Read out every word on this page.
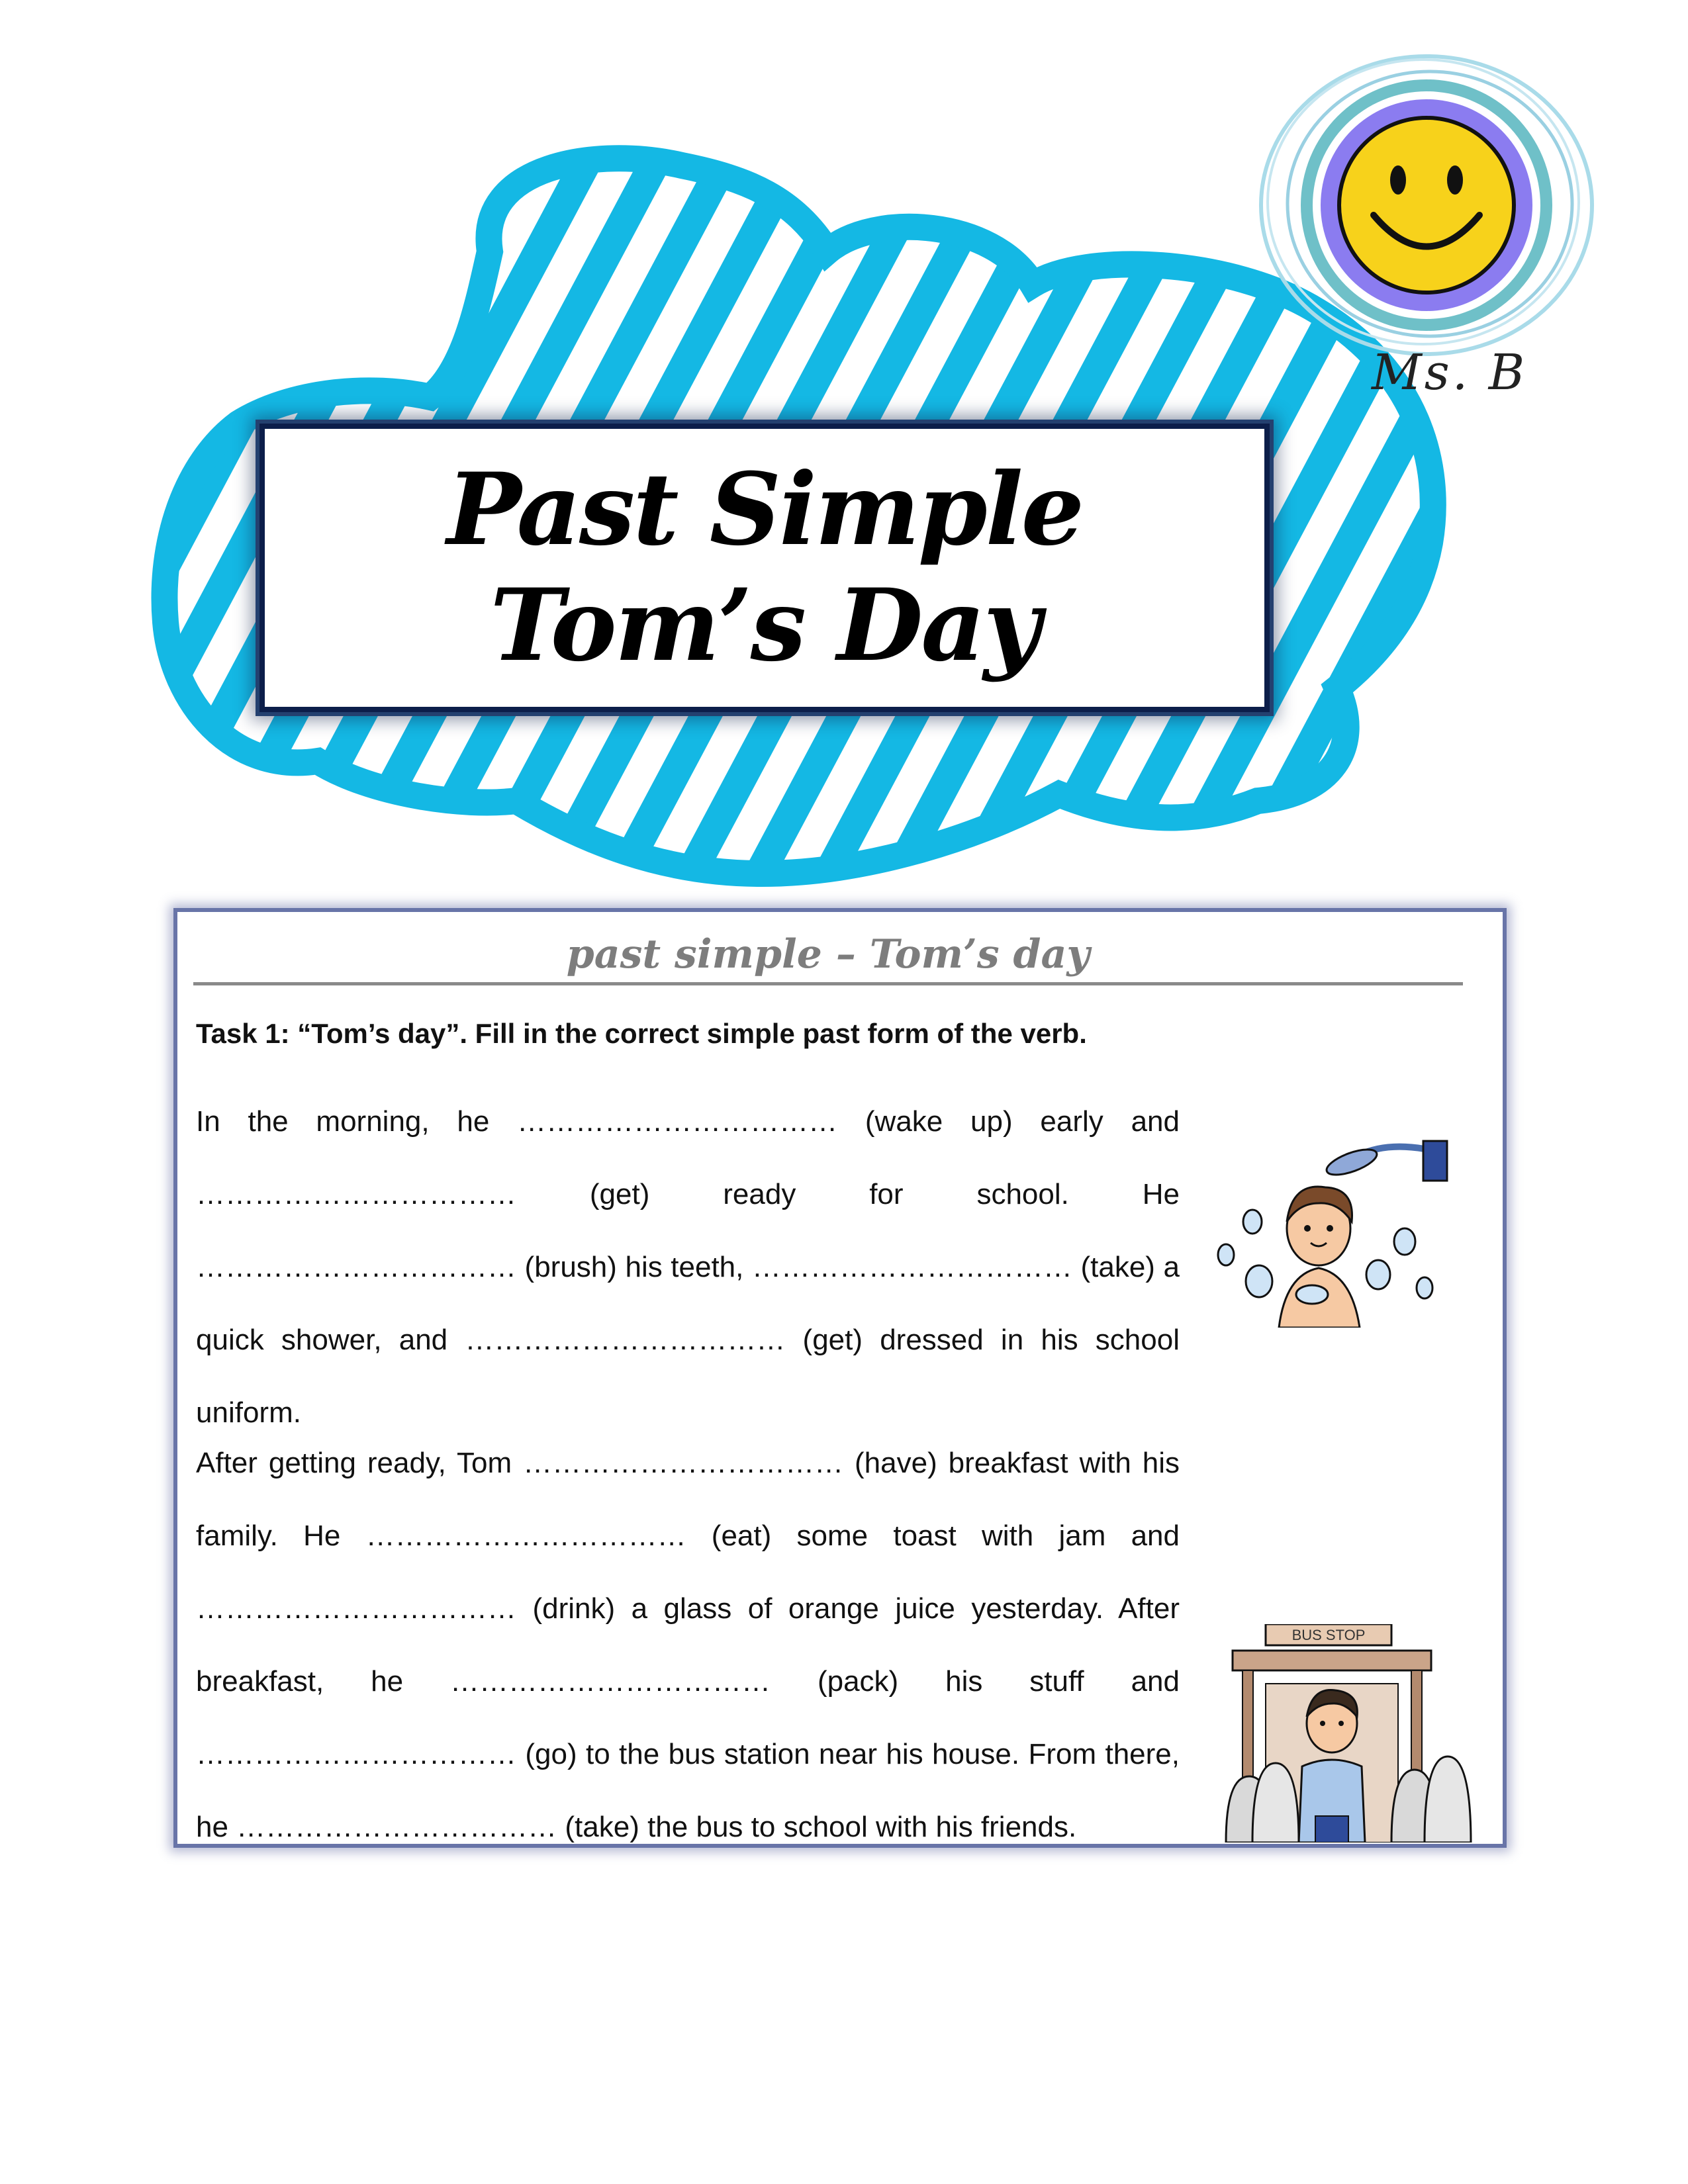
Past Simple
Tom’s Day
Ms. B
past simple – Tom’s day
Task 1: “Tom’s day”. Fill in the correct simple past form of the verb.
In the morning, he …………………………… (wake up) early and …………………………… (get) ready for school. He …………………………… (brush) his teeth, …………………………… (take) a quick shower, and …………………………… (get) dressed in his school uniform.
BUS STOP
After getting ready, Tom …………………………… (have) breakfast with his family. He …………………………… (eat) some toast with jam and …………………………… (drink) a glass of orange juice yesterday. After breakfast, he …………………………… (pack) his stuff and …………………………… (go) to the bus station near his house. From there, he …………………………… (take) the bus to school with his friends.
